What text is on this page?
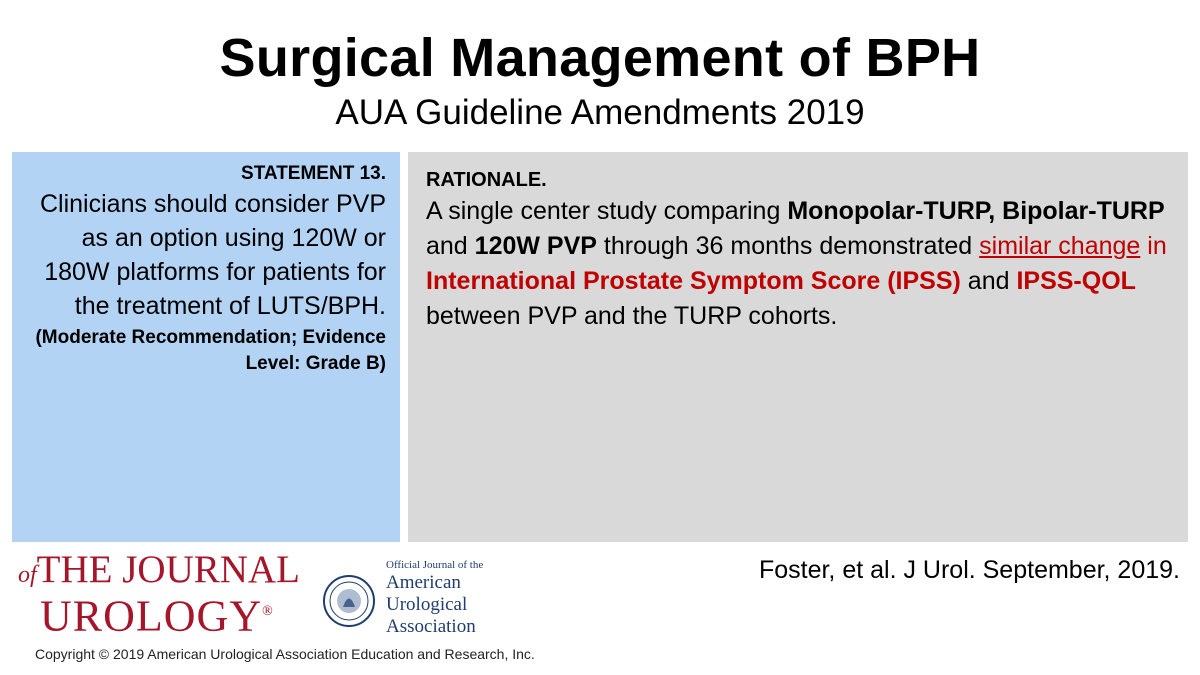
Surgical Management of BPH
AUA Guideline Amendments 2019
STATEMENT 13.
Clinicians should consider PVP as an option using 120W or 180W platforms for patients for the treatment of LUTS/BPH.
(Moderate Recommendation; Evidence Level: Grade B)
RATIONALE.
A single center study comparing Monopolar-TURP, Bipolar-TURP and 120W PVP through 36 months demonstrated similar change in International Prostate Symptom Score (IPSS) and IPSS-QOL between PVP and the TURP cohorts.
Foster, et al. J Urol. September, 2019.
ofTHE JOURNAL
UROLOGY®
Official Journal of the
American
Urological
Association
Copyright © 2019 American Urological Association Education and Research, Inc.
